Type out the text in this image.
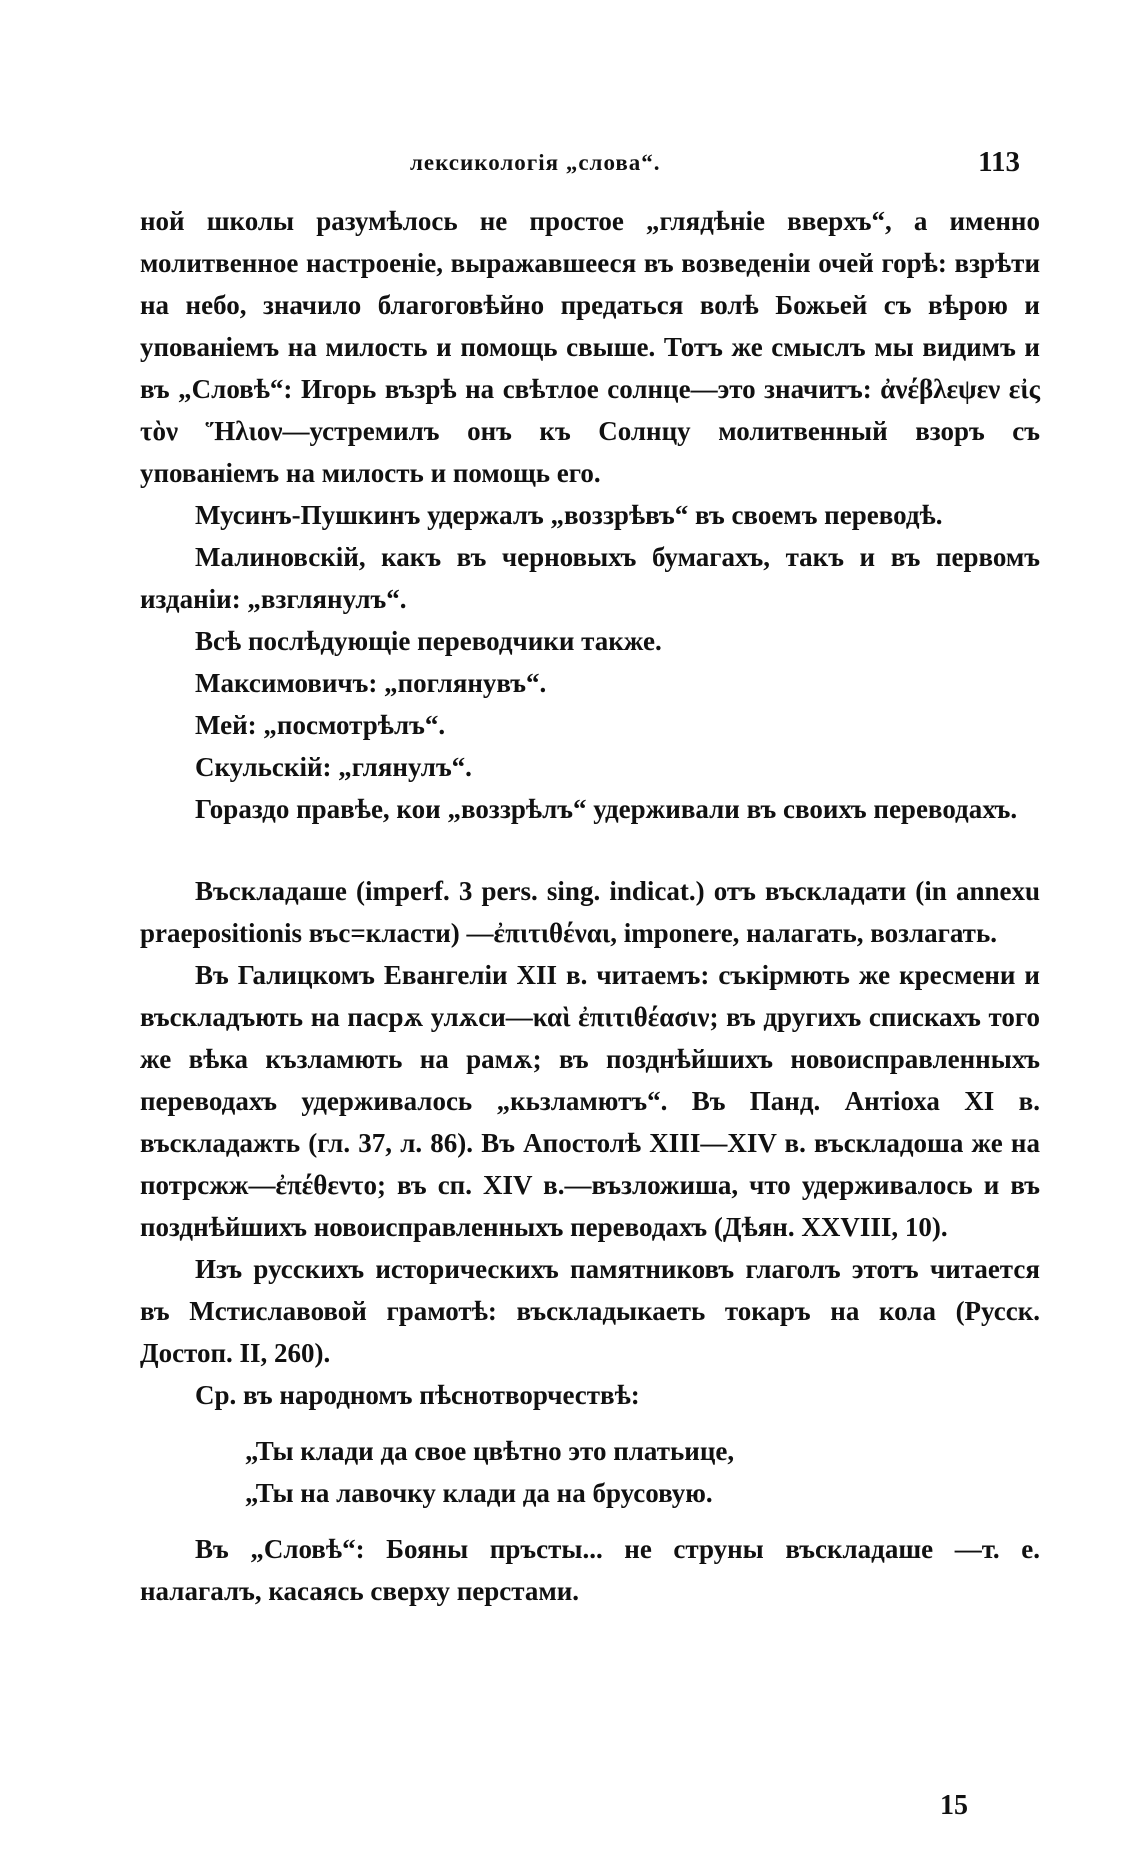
лексикологія „слова“.	113

ной школы разумѣлось не простое „глядѣніе вверхъ“, а именно молитвенное настроеніе, выражавшееся въ возведеніи очей горѣ: взрѣти на небо, значило благоговѣйно предаться волѣ Божьей съ вѣрою и упованіемъ на милость и помощь свыше. Тотъ же смыслъ мы видимъ и въ „Словѣ“: Игорь възрѣ на свѣтлое солнце—это значитъ: ἀνέβλεψεν εἰς τὸν Ἥλιον—устремилъ онъ къ Солнцу молитвенный взоръ съ упованіемъ на милость и помощь его.

Мусинъ-Пушкинъ удержалъ „воззрѣвъ“ въ своемъ переводѣ.

Малиновскій, какъ въ черновыхъ бумагахъ, такъ и въ первомъ изданіи: „взглянулъ“.

Всѣ послѣдующіе переводчики также.

Максимовичъ: „поглянувъ“.

Мей: „посмотрѣлъ“.

Скульскій: „глянулъ“.

Гораздо правѣе, кои „воззрѣлъ“ удерживали въ своихъ переводахъ.

Въскладаше (imperf. 3 pers. sing. indicat.) отъ въскладати (in annexu praepositionis въс=класти) —ἐπιτιθέναι, imponere, налагать, возлагать.

Въ Галицкомъ Евангеліи XII в. читаемъ: съкірмють же кресмени и въскладъють на пасрѫ улѫси—καὶ ἐπιτιθέασιν; въ другихъ спискахъ того же вѣка къзламють на рамѫ; въ позднѣйшихъ новоисправленныхъ переводахъ удерживалось „кьзламютъ“. Въ Панд. Антіоха XI в. въскладажть (гл. 37, л. 86). Въ Апостолѣ XIII—XIV в. въскладоша же на потрсжж—ἐπέθεντο; въ сп. XIV в.—възложиша, что удерживалось и въ позднѣйшихъ новоисправленныхъ переводахъ (Дѣян. XXVIII, 10).

Изъ русскихъ историческихъ памятниковъ глаголъ этотъ читается въ Мстиславовой грамотѣ: въскладыкаеть токаръ на кола (Русск. Достоп. II, 260).

Ср. въ народномъ пѣснотворчествѣ:

„Ты клади да свое цвѣтно это платьице,

„Ты на лавочку клади да на брусовую.

Въ „Словѣ“: Бояны пръсты... не струны въскладаше —т. е. налагалъ, касаясь сверху перстами.

15
